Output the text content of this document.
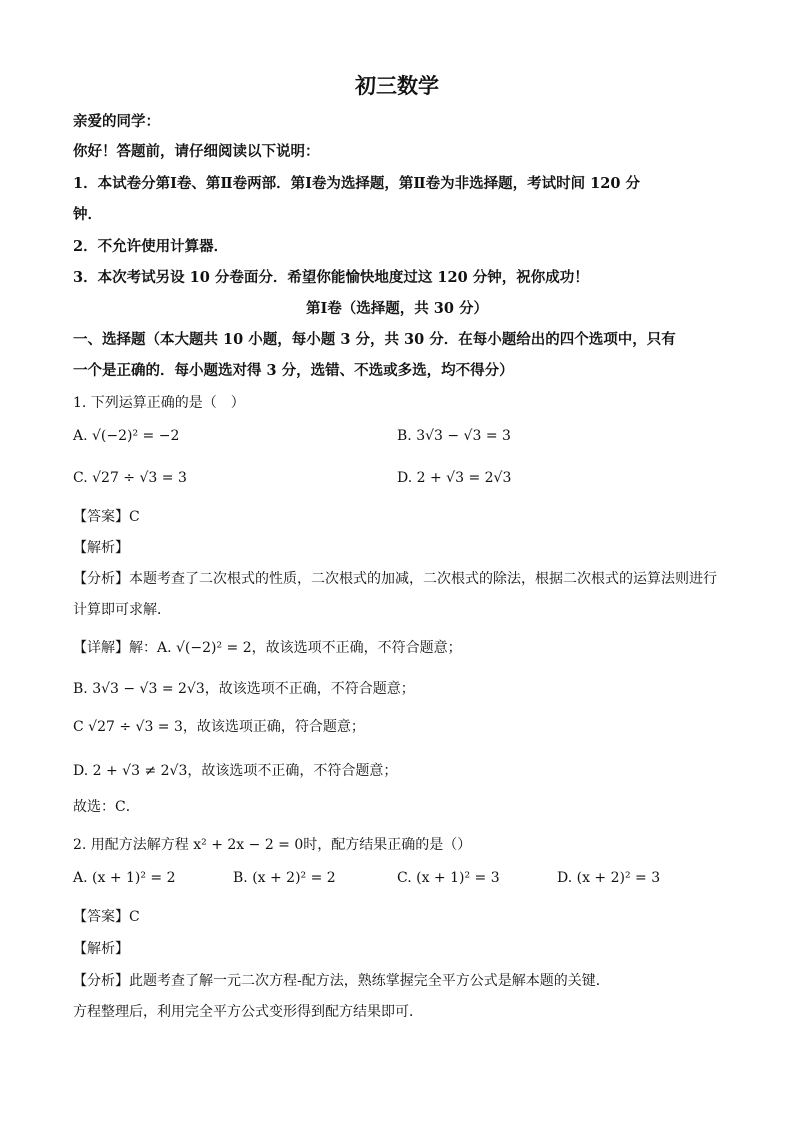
初三数学
亲爱的同学：
你好！答题前，请仔细阅读以下说明：
1．本试卷分第Ⅰ卷、第Ⅱ卷两部．第Ⅰ卷为选择题，第Ⅱ卷为非选择题，考试时间 120 分
钟．
2．不允许使用计算器．
3．本次考试另设 10 分卷面分．希望你能愉快地度过这 120 分钟，祝你成功！
第Ⅰ卷（选择题，共 30 分）
一、选择题（本大题共 10 小题，每小题 3 分，共 30 分．在每小题给出的四个选项中，只有
一个是正确的．每小题选对得 3 分，选错、不选或多选，均不得分）
1. 下列运算正确的是（　）
A. √(−2)² = −2	B. 3√3 − √3 = 3
C. √27 ÷ √3 = 3	D. 2 + √3 = 2√3
【答案】C
【解析】
【分析】本题考查了二次根式的性质，二次根式的加减，二次根式的除法，根据二次根式的运算法则进行
计算即可求解．
【详解】解：A. √(−2)² = 2，故该选项不正确，不符合题意；
B. 3√3 − √3 = 2√3，故该选项不正确，不符合题意；
C √27 ÷ √3 = 3，故该选项正确，符合题意；
D. 2 + √3 ≠ 2√3，故该选项不正确，不符合题意；
故选：C．
2. 用配方法解方程 x² + 2x − 2 = 0时，配方结果正确的是（）
A. (x + 1)² = 2	B. (x + 2)² = 2	C. (x + 1)² = 3	D. (x + 2)² = 3
【答案】C
【解析】
【分析】此题考查了解一元二次方程-配方法，熟练掌握完全平方公式是解本题的关键．
方程整理后，利用完全平方公式变形得到配方结果即可．
